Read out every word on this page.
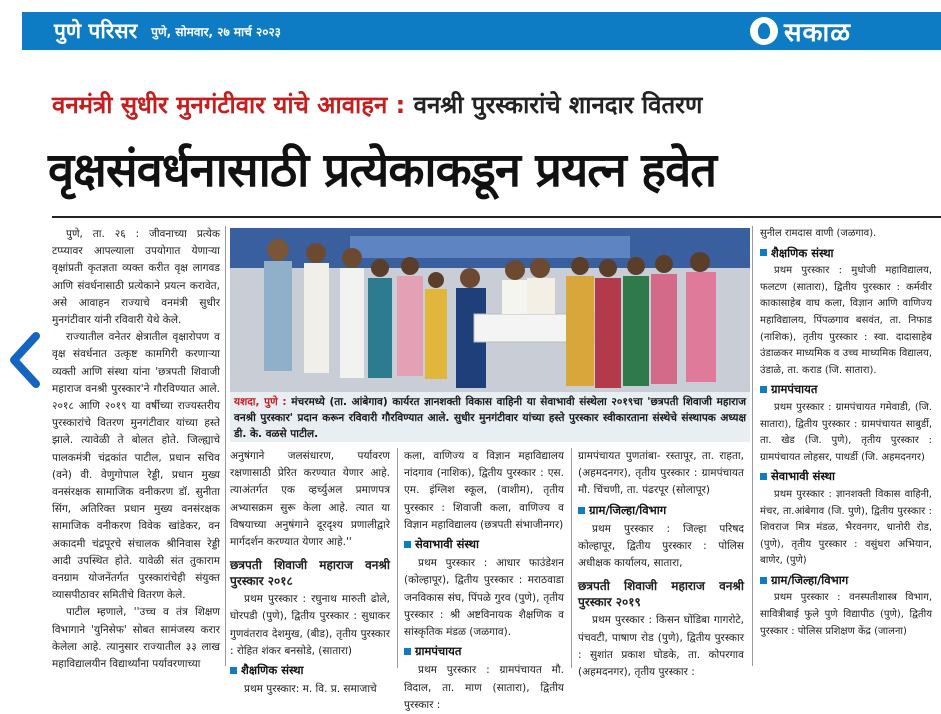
पुणे परिसर पुणे, सोमवार, २७ मार्च २०२३	सकाळ
वनमंत्री सुधीर मुनगंटीवार यांचे आवाहन : वनश्री पुरस्कारांचे शानदार वितरण
वृक्षसंवर्धनासाठी प्रत्येकाकडून प्रयत्न हवेत

पुणे, ता. २६ : जीवनाच्या प्रत्येक टप्प्यावर आपल्याला उपयोगात येणाऱ्या वृक्षांप्रती कृतज्ञता व्यक्त करीत वृक्ष लागवड आणि संवर्धनासाठी प्रत्येकाने प्रयत्न करावेत, असे आवाहन राज्याचे वनमंत्री सुधीर मुनगंटीवार यांनी रविवारी येथे केले.

राज्यातील वनेतर क्षेत्रातील वृक्षारोपण व वृक्ष संवर्धनात उत्कृष्ट कामगिरी करणाऱ्या व्यक्ती आणि संस्था यांना 'छत्रपती शिवाजी महाराज वनश्री पुरस्कार'ने गौरविण्यात आले. २०१८ आणि २०१९ या वर्षीच्या राज्यस्तरीय पुरस्कारांचे वितरण मुनगंटीवार यांच्या हस्ते झाले. त्यावेळी ते बोलत होते. जिल्ह्याचे पालकमंत्री चंद्रकांत पाटील, प्रधान सचिव (वने) वी. वेणुगोपाल रेड्डी, प्रधान मुख्य वनसंरक्षक सामाजिक वनीकरण डॉ. सुनीता सिंग, अतिरिक्त प्रधान मुख्य वनसंरक्षक सामाजिक वनीकरण विवेक खांडेकर, वन अकादमी चंद्रपूरचे संचालक श्रीनिवास रेड्डी आदी उपस्थित होते. यावेळी संत तुकाराम वनग्राम योजनेंतर्गत पुरस्कारांचेही संयुक्त व्यासपीठावर समितीचे वितरण केले.

पाटील म्हणाले, ''उच्च व तंत्र शिक्षण विभागाने 'युनिसेफ' सोबत सामंजस्य करार केलेला आहे. त्यानुसार राज्यातील ३३ लाख महाविद्यालयीन विद्यार्थ्यांना पर्यावरणाच्या

यशदा, पुणे : मंचरमध्ये (ता. आंबेगाव) कार्यरत ज्ञानशक्ती विकास वाहिनी या सेवाभावी संस्थेला २०१९चा 'छत्रपती शिवाजी महाराज वनश्री पुरस्कार' प्रदान करून रविवारी गौरविण्यात आले. सुधीर मुनगंटीवार यांच्या हस्ते पुरस्कार स्वीकारताना संस्थेचे संस्थापक अध्यक्ष डी. के. वळसे पाटील.

अनुषंगाने जलसंधारण, पर्यावरण रक्षणासाठी प्रेरित करण्यात येणार आहे. त्याअंतर्गत एक व्हर्च्युअल प्रमाणपत्र अभ्यासक्रम सुरू केला आहे. त्यात या विषयाच्या अनुषंगाने दूरदृश्य प्रणालीद्वारे मार्गदर्शन करण्यात येणार आहे.''

छत्रपती शिवाजी महाराज वनश्री पुरस्कार २०१८

प्रथम पुरस्कार : रघुनाथ मारुती ढोले, घोरपडी (पुणे), द्वितीय पुरस्कार : सुधाकर गुणवंतराव देशमुख, (बीड), तृतीय पुरस्कार : रोहित शंकर बनसोडे, (सातारा)

शैक्षणिक संस्था

प्रथम पुरस्कार: म. वि. प्र. समाजाचे

कला, वाणिज्य व विज्ञान महाविद्यालय नांदगाव (नाशिक), द्वितीय पुरस्कार : एस. एम. इंग्लिश स्कूल, (वाशीम), तृतीय पुरस्कार : शिवाजी कला, वाणिज्य व विज्ञान महाविद्यालय (छत्रपती संभाजीनगर)

सेवाभावी संस्था

प्रथम पुरस्कार : आधार फाउंडेशन (कोल्हापूर), द्वितीय पुरस्कार : मराठवाडा जनविकास संघ, पिंपळे गुरव (पुणे), तृतीय पुरस्कार : श्री अष्टविनायक शैक्षणिक व सांस्कृतिक मंडळ (जळगाव).

ग्रामपंचायत

प्रथम पुरस्कार : ग्रामपंचायत मौ. विदाल, ता. माण (सातारा), द्वितीय पुरस्कार :

ग्रामपंचायत पुणतांबा- रस्तापूर, ता. राहता, (अहमदनगर), तृतीय पुरस्कार : ग्रामपंचायत मौ. चिंचणी, ता. पंढरपूर (सोलापूर)

ग्राम/जिल्हा/विभाग

प्रथम पुरस्कार : जिल्हा परिषद कोल्हापूर, द्वितीय पुरस्कार : पोलिस अधीक्षक कार्यालय, सातारा,

छत्रपती शिवाजी महाराज वनश्री पुरस्कार २०१९

प्रथम पुरस्कार : किसन घोंडिबा गागरोटे, पंचवटी, पाषाण रोड (पुणे), द्वितीय पुरस्कार : सुशांत प्रकाश घोडके, ता. कोपरगाव (अहमदनगर), तृतीय पुरस्कार :

सुनील रामदास वाणी (जळगाव).

शैक्षणिक संस्था

प्रथम पुरस्कार : मुधोजी महाविद्यालय, फलटण (सातारा), द्वितीय पुरस्कार : कर्मवीर काकासाहेब वाघ कला, विज्ञान आणि वाणिज्य महाविद्यालय, पिंपळगाव बसवंत, ता. निफाड (नाशिक), तृतीय पुरस्कार : स्वा. दादासाहेब उंडाळकर माध्यमिक व उच्च माध्यमिक विद्यालय, उंडाळे, ता. कराड (जि. सातारा).

ग्रामपंचायत

प्रथम पुरस्कार : ग्रामपंचायत गमेवाडी, (जि. सातारा), द्वितीय पुरस्कार : ग्रामपंचायत साबुर्डी, ता. खेड (जि. पुणे), तृतीय पुरस्कार : ग्रामपंचायत लोहसर, पाथर्डी (जि. अहमदनगर)

सेवाभावी संस्था

प्रथम पुरस्कार : ज्ञानशक्ती विकास वाहिनी, मंचर, ता.आंबेगाव (जि. पुणे), द्वितीय पुरस्कार : शिवराज मित्र मंडळ, भैरवनगर, धानोरी रोड, (पुणे), तृतीय पुरस्कार : वसुंधरा अभियान, बाणेर, (पुणे)

ग्राम/जिल्हा/विभाग

प्रथम पुरस्कार : वनस्पतीशास्त्र विभाग, सावित्रीबाई फुले पुणे विद्यापीठ (पुणे), द्वितीय पुरस्कार : पोलिस प्रशिक्षण केंद्र (जालना)
